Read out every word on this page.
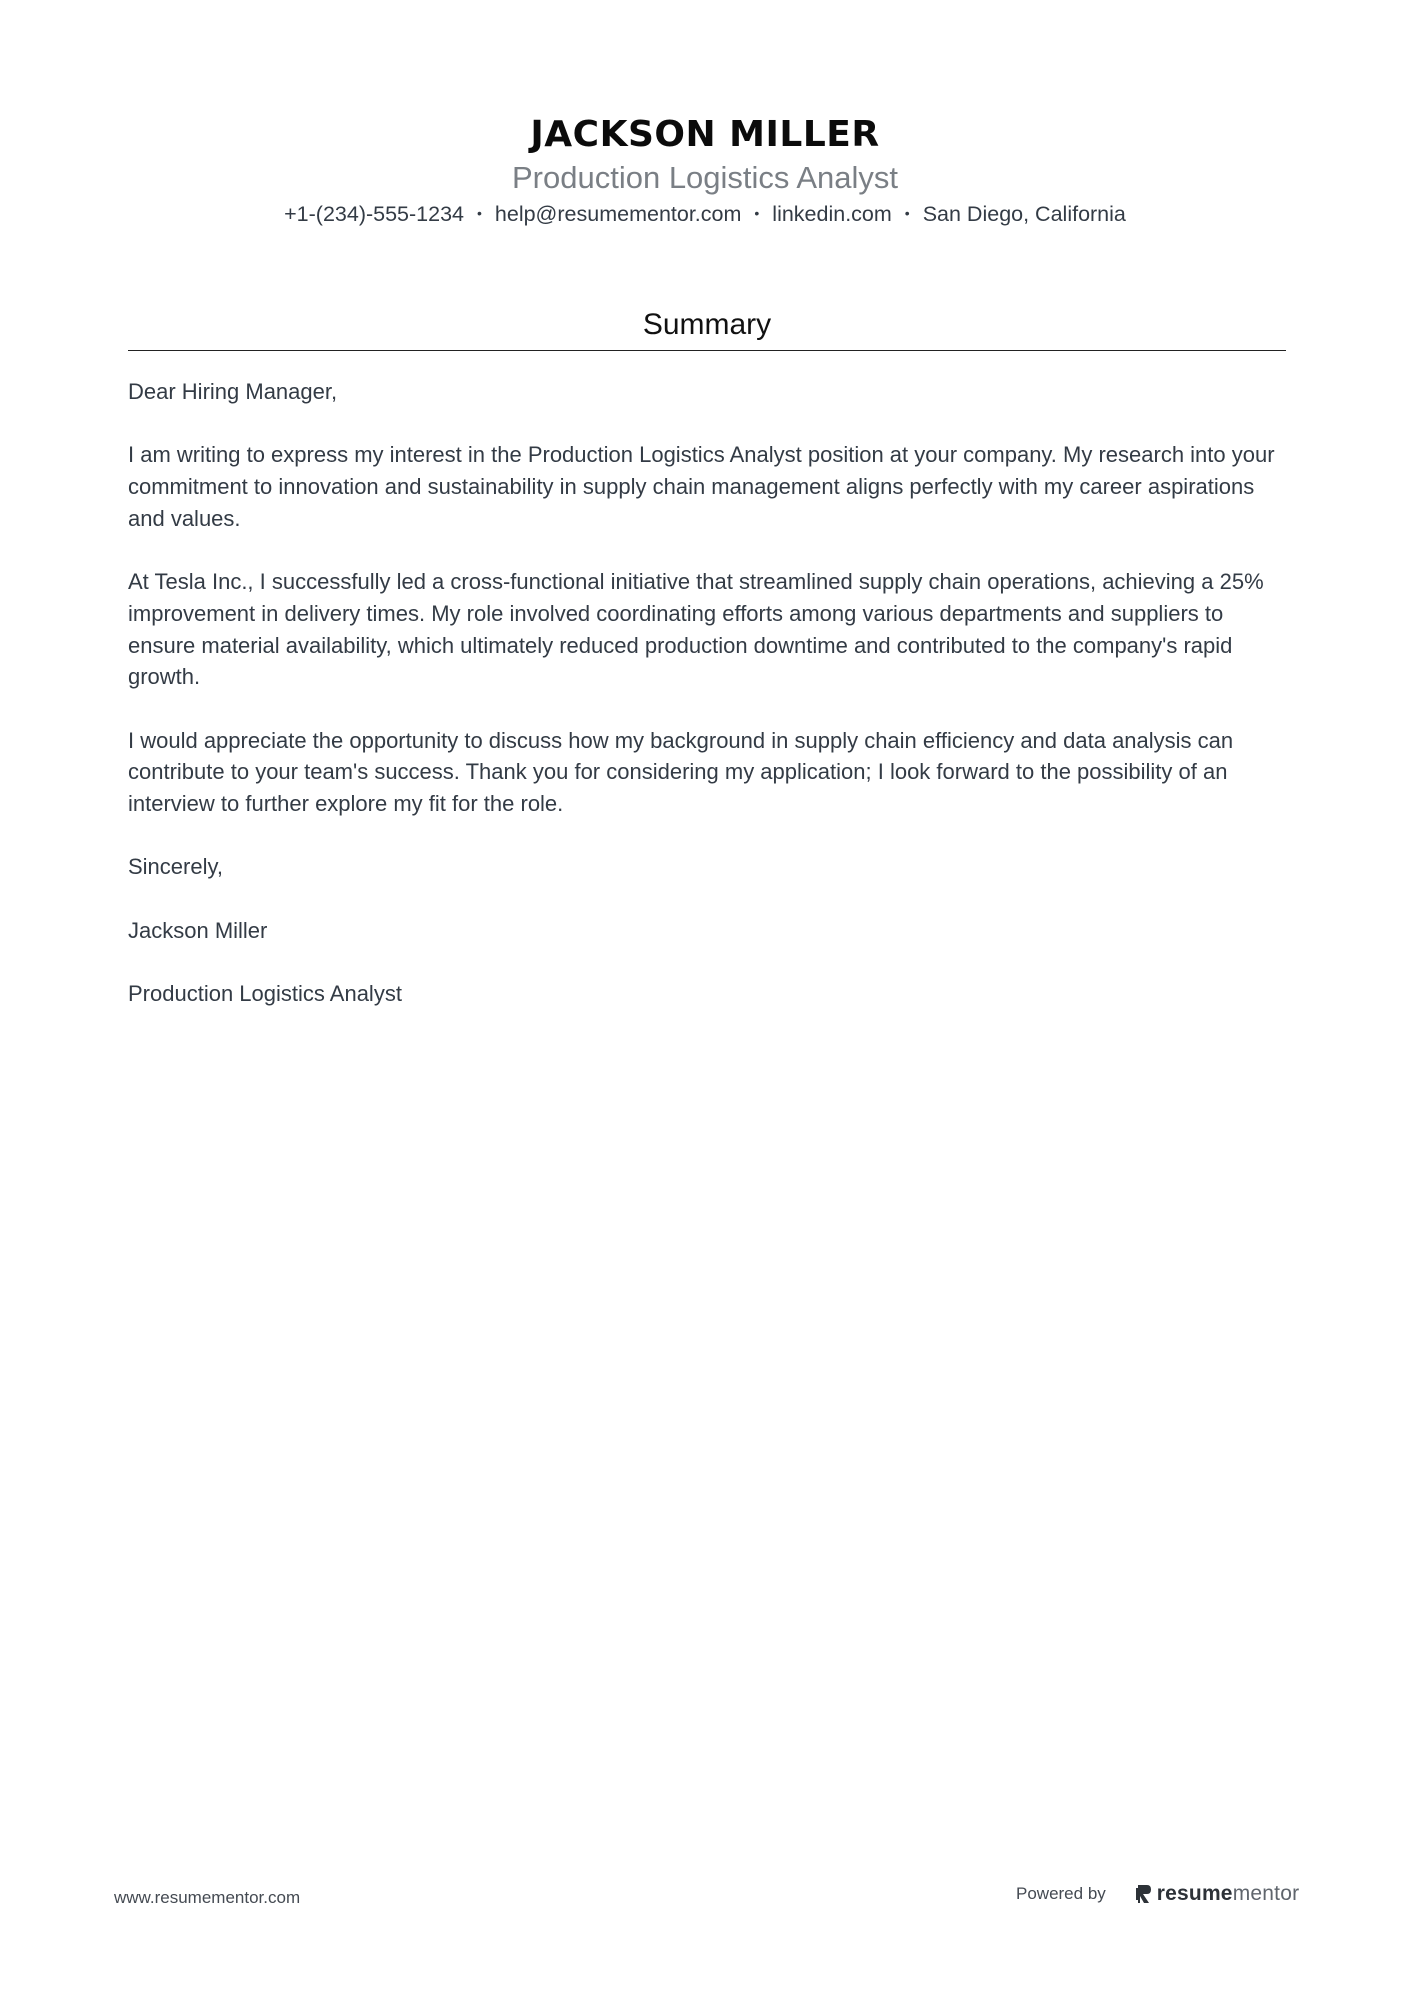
JACKSON MILLER
Production Logistics Analyst
+1-(234)-555-1234 • help@resumementor.com • linkedin.com • San Diego, California
Summary

Dear Hiring Manager,

I am writing to express my interest in the Production Logistics Analyst position at your company. My research into your commitment to innovation and sustainability in supply chain management aligns perfectly with my career aspirations and values.

At Tesla Inc., I successfully led a cross-functional initiative that streamlined supply chain operations, achieving a 25% improvement in delivery times. My role involved coordinating efforts among various departments and suppliers to ensure material availability, which ultimately reduced production downtime and contributed to the company's rapid growth.

I would appreciate the opportunity to discuss how my background in supply chain efficiency and data analysis can contribute to your team's success. Thank you for considering my application; I look forward to the possibility of an interview to further explore my fit for the role.

Sincerely,

Jackson Miller

Production Logistics Analyst

www.resumementor.com	Powered by resume mentor
